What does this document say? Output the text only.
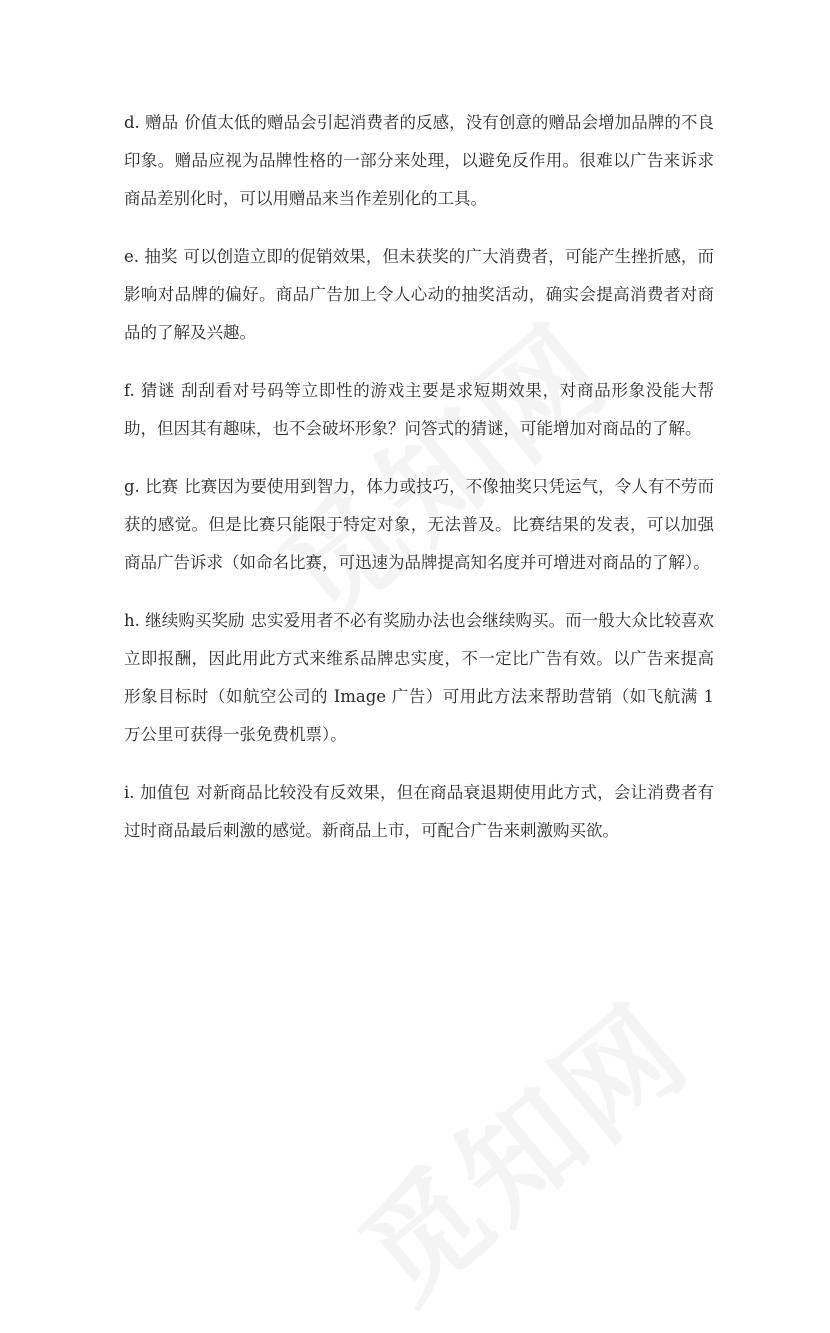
d. 赠品 价值太低的赠品会引起消费者的反感，没有创意的赠品会增加品牌的不良印象。赠品应视为品牌性格的一部分来处理，以避免反作用。很难以广告来诉求商品差别化时，可以用赠品来当作差别化的工具。

e. 抽奖 可以创造立即的促销效果，但未获奖的广大消费者，可能产生挫折感，而影响对品牌的偏好。商品广告加上令人心动的抽奖活动，确实会提高消费者对商品的了解及兴趣。

f. 猜谜 刮刮看对号码等立即性的游戏主要是求短期效果，对商品形象没能大帮助，但因其有趣味，也不会破坏形象？问答式的猜谜，可能增加对商品的了解。

g. 比赛 比赛因为要使用到智力，体力或技巧，不像抽奖只凭运气，令人有不劳而获的感觉。但是比赛只能限于特定对象，无法普及。比赛结果的发表，可以加强商品广告诉求（如命名比赛，可迅速为品牌提高知名度并可增进对商品的了解）。

h. 继续购买奖励 忠实爱用者不必有奖励办法也会继续购买。而一般大众比较喜欢立即报酬，因此用此方式来维系品牌忠实度，不一定比广告有效。以广告来提高形象目标时（如航空公司的 Image 广告）可用此方法来帮助营销（如飞航满 1 万公里可获得一张免费机票）。

i. 加值包 对新商品比较没有反效果，但在商品衰退期使用此方式，会让消费者有过时商品最后刺激的感觉。新商品上市，可配合广告来刺激购买欲。
